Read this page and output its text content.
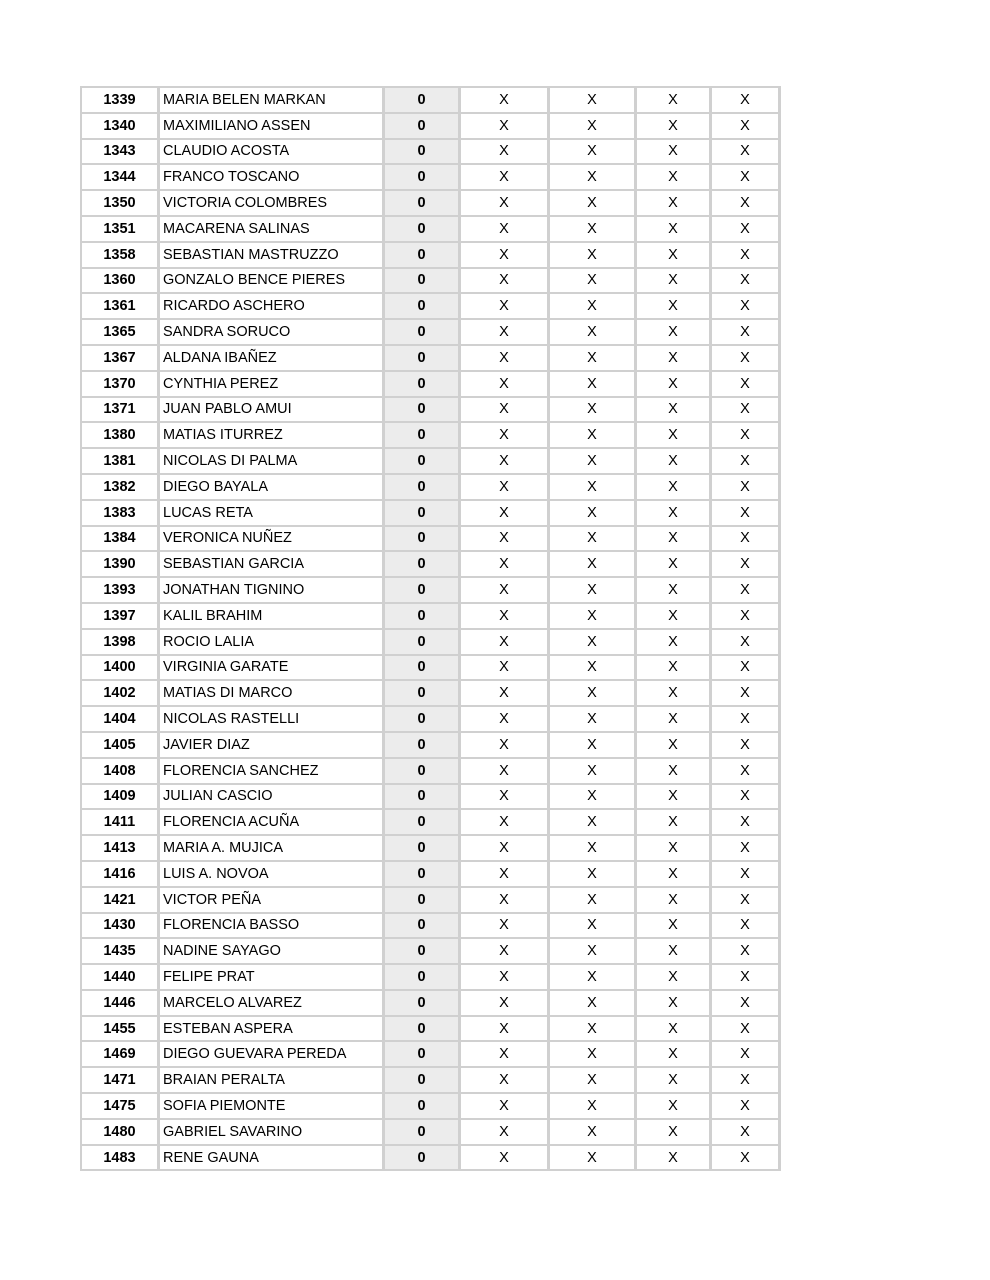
1339	MARIA BELEN MARKAN	0	X	X	X	X
1340	MAXIMILIANO ASSEN	0	X	X	X	X
1343	CLAUDIO ACOSTA	0	X	X	X	X
1344	FRANCO TOSCANO	0	X	X	X	X
1350	VICTORIA COLOMBRES	0	X	X	X	X
1351	MACARENA SALINAS	0	X	X	X	X
1358	SEBASTIAN MASTRUZZO	0	X	X	X	X
1360	GONZALO BENCE PIERES	0	X	X	X	X
1361	RICARDO ASCHERO	0	X	X	X	X
1365	SANDRA SORUCO	0	X	X	X	X
1367	ALDANA IBAÑEZ	0	X	X	X	X
1370	CYNTHIA PEREZ	0	X	X	X	X
1371	JUAN PABLO AMUI	0	X	X	X	X
1380	MATIAS ITURREZ	0	X	X	X	X
1381	NICOLAS DI PALMA	0	X	X	X	X
1382	DIEGO BAYALA	0	X	X	X	X
1383	LUCAS RETA	0	X	X	X	X
1384	VERONICA NUÑEZ	0	X	X	X	X
1390	SEBASTIAN GARCIA	0	X	X	X	X
1393	JONATHAN TIGNINO	0	X	X	X	X
1397	KALIL BRAHIM	0	X	X	X	X
1398	ROCIO LALIA	0	X	X	X	X
1400	VIRGINIA GARATE	0	X	X	X	X
1402	MATIAS DI MARCO	0	X	X	X	X
1404	NICOLAS RASTELLI	0	X	X	X	X
1405	JAVIER DIAZ	0	X	X	X	X
1408	FLORENCIA SANCHEZ	0	X	X	X	X
1409	JULIAN CASCIO	0	X	X	X	X
1411	FLORENCIA ACUÑA	0	X	X	X	X
1413	MARIA A. MUJICA	0	X	X	X	X
1416	LUIS A. NOVOA	0	X	X	X	X
1421	VICTOR PEÑA	0	X	X	X	X
1430	FLORENCIA BASSO	0	X	X	X	X
1435	NADINE SAYAGO	0	X	X	X	X
1440	FELIPE PRAT	0	X	X	X	X
1446	MARCELO ALVAREZ	0	X	X	X	X
1455	ESTEBAN ASPERA	0	X	X	X	X
1469	DIEGO GUEVARA PEREDA	0	X	X	X	X
1471	BRAIAN PERALTA	0	X	X	X	X
1475	SOFIA PIEMONTE	0	X	X	X	X
1480	GABRIEL SAVARINO	0	X	X	X	X
1483	RENE GAUNA	0	X	X	X	X
